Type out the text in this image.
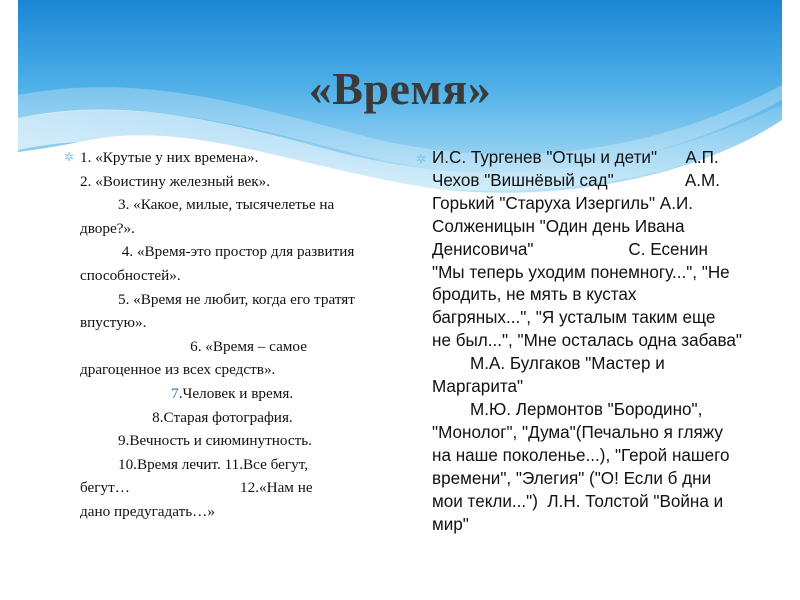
«Время»
✲ 1. «Крутые у них времена».
2. «Воистину железный век».
3. «Какое, милые, тысячелетье на
дворе?».
4. «Время-это простор для развития
способностей».
5. «Время не любит, когда его тратят
впустую».
6. «Время – самое
драгоценное из всех средств».
7.Человек и время.
8.Старая фотография.
9.Вечность и сиюминутность.
10.Время лечит. 11.Все бегут,
бегут…                             12.«Нам не
дано предугадать…»
✲ И.С. Тургенев "Отцы и дети"      А.П.
Чехов "Вишнёвый сад"               А.М.
Горький "Старуха Изергиль" А.И.
Солженицын "Один день Ивана
Денисовича"                    С. Есенин
"Мы теперь уходим понемногу...", "Не
бродить, не мять в кустах
багряных...", "Я усталым таким еще
не был...", "Мне осталась одна забава"
М.А. Булгаков "Мастер и
Маргарита"
М.Ю. Лермонтов "Бородино",
"Монолог", "Дума"(Печально я гляжу
на наше поколенье...), "Герой нашего
времени", "Элегия" ("О! Если б дни
мои текли...")  Л.Н. Толстой "Война и
мир"
